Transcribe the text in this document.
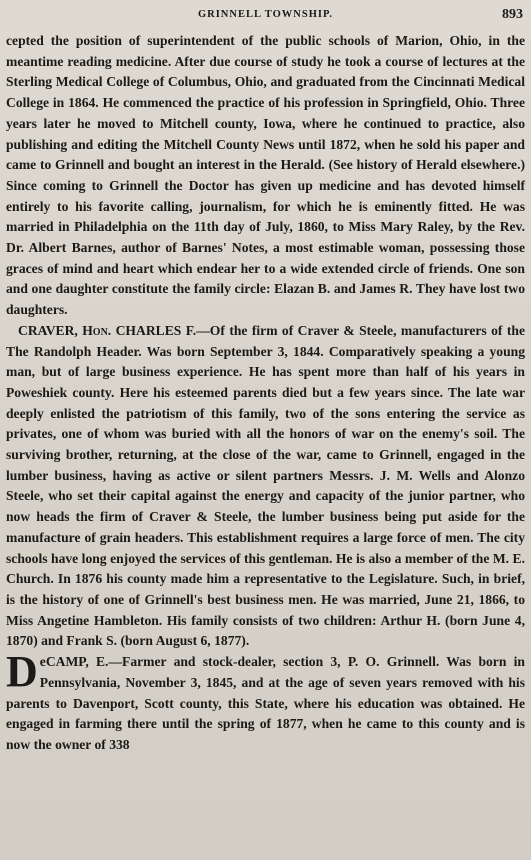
GRINNELL TOWNSHIP.	893

cepted the position of superintendent of the public schools of Marion, Ohio, in the meantime reading medicine. After due course of study he took a course of lectures at the Sterling Medical College of Columbus, Ohio, and graduated from the Cincinnati Medical College in 1864. He commenced the practice of his profession in Springfield, Ohio. Three years later he moved to Mitchell county, Iowa, where he continued to practice, also publishing and editing the Mitchell County News until 1872, when he sold his paper and came to Grinnell and bought an interest in the Herald. (See history of Herald elsewhere.) Since coming to Grinnell the Doctor has given up medicine and has devoted himself entirely to his favorite calling, journalism, for which he is eminently fitted. He was married in Philadelphia on the 11th day of July, 1860, to Miss Mary Raley, by the Rev. Dr. Albert Barnes, author of Barnes' Notes, a most estimable woman, possessing those graces of mind and heart which endear her to a wide extended circle of friends. One son and one daughter constitute the family circle: Elazan B. and James R. They have lost two daughters.

CRAVER, Hon. CHARLES F.—Of the firm of Craver & Steele, manufacturers of the The Randolph Header. Was born September 3, 1844. Comparatively speaking a young man, but of large business experience. He has spent more than half of his years in Poweshiek county. Here his esteemed parents died but a few years since. The late war deeply enlisted the patriotism of this family, two of the sons entering the service as privates, one of whom was buried with all the honors of war on the enemy's soil. The surviving brother, returning, at the close of the war, came to Grinnell, engaged in the lumber business, having as active or silent partners Messrs. J. M. Wells and Alonzo Steele, who set their capital against the energy and capacity of the junior partner, who now heads the firm of Craver & Steele, the lumber business being put aside for the manufacture of grain headers. This establishment requires a large force of men. The city schools have long enjoyed the services of this gentleman. He is also a member of the M. E. Church. In 1876 his county made him a representative to the Legislature. Such, in brief, is the history of one of Grinnell's best business men. He was married, June 21, 1866, to Miss Angetine Hambleton. His family consists of two children: Arthur H. (born June 4, 1870) and Frank S. (born August 6, 1877).

DeCAMP, E.—Farmer and stock-dealer, section 3, P. O. Grinnell. Was born in Pennsylvania, November 3, 1845, and at the age of seven years removed with his parents to Davenport, Scott county, this State, where his education was obtained. He engaged in farming there until the spring of 1877, when he came to this county and is now the owner of 338
